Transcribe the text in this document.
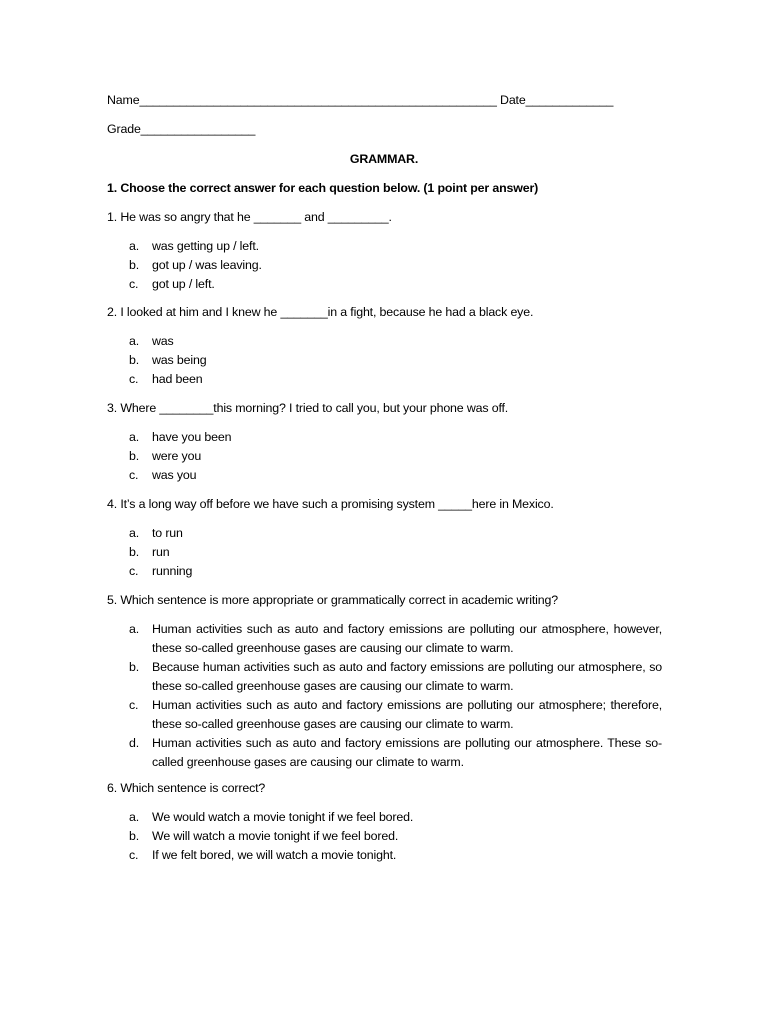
Name_____________________________________________________ Date_____________
Grade_________________
GRAMMAR.
1. Choose the correct answer for each question below. (1 point per answer)
1. He was so angry that he _______ and _________.
a. was getting up / left.
b. got up / was leaving.
c. got up / left.
2. I looked at him and I knew he _______in a fight, because he had a black eye.
a. was
b. was being
c. had been
3. Where ________this morning? I tried to call you, but your phone was off.
a. have you been
b. were you
c. was you
4. It’s a long way off before we have such a promising system _____here in Mexico.
a. to run
b. run
c. running
5. Which sentence is more appropriate or grammatically correct in academic writing?
a. Human activities such as auto and factory emissions are polluting our atmosphere, however, these so-called greenhouse gases are causing our climate to warm.
b. Because human activities such as auto and factory emissions are polluting our atmosphere, so these so-called greenhouse gases are causing our climate to warm.
c. Human activities such as auto and factory emissions are polluting our atmosphere; therefore, these so-called greenhouse gases are causing our climate to warm.
d. Human activities such as auto and factory emissions are polluting our atmosphere. These so-called greenhouse gases are causing our climate to warm.
6. Which sentence is correct?
a. We would watch a movie tonight if we feel bored.
b. We will watch a movie tonight if we feel bored.
c. If we felt bored, we will watch a movie tonight.
